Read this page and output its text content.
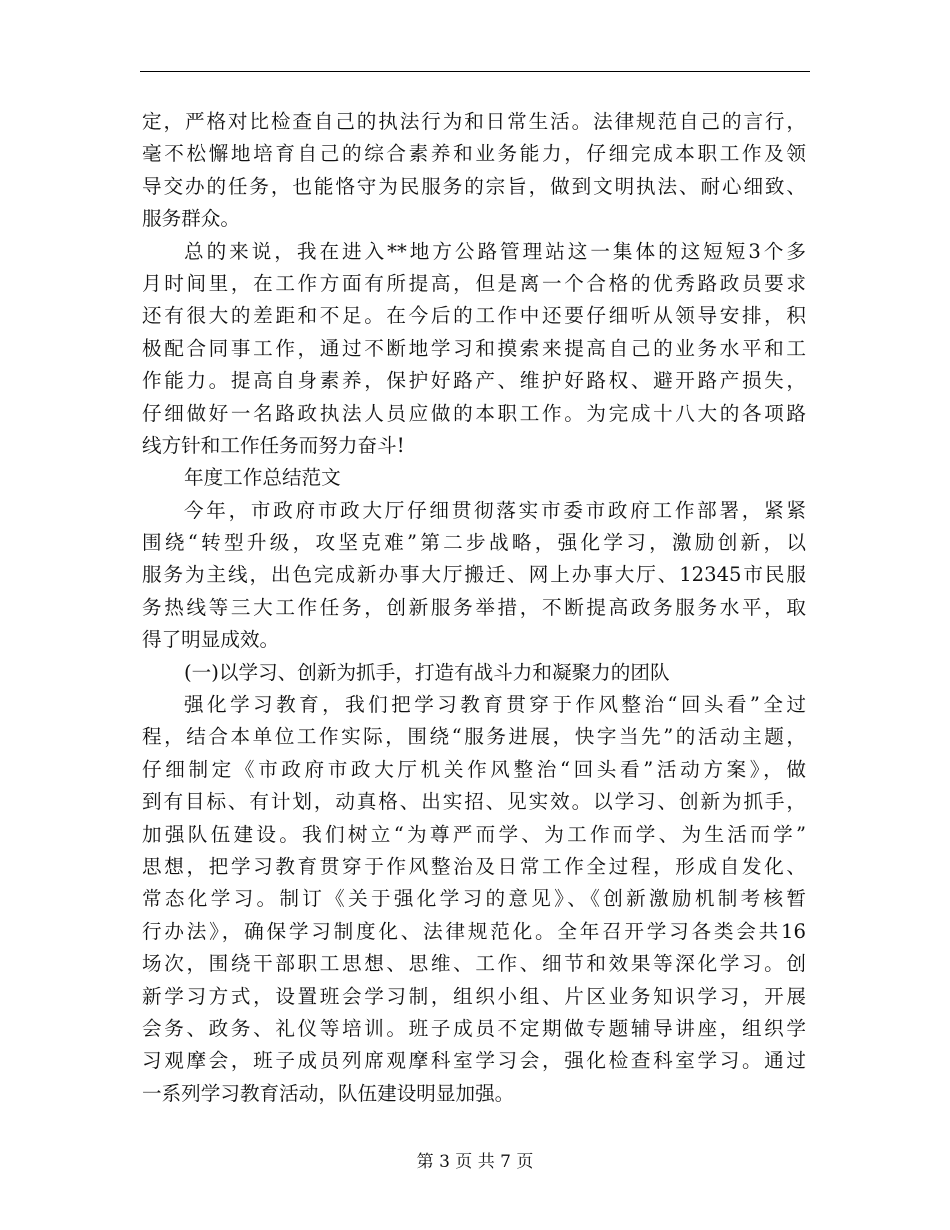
定，严格对比检查自己的执法行为和日常生活。法律规范自己的言行，
毫不松懈地培育自己的综合素养和业务能力，仔细完成本职工作及领
导交办的任务，也能恪守为民服务的宗旨，做到文明执法、耐心细致、
服务群众。
总的来说，我在进入**地方公路管理站这一集体的这短短3个多
月时间里，在工作方面有所提高，但是离一个合格的优秀路政员要求
还有很大的差距和不足。在今后的工作中还要仔细听从领导安排，积
极配合同事工作，通过不断地学习和摸索来提高自己的业务水平和工
作能力。提高自身素养，保护好路产、维护好路权、避开路产损失，
仔细做好一名路政执法人员应做的本职工作。为完成十八大的各项路
线方针和工作任务而努力奋斗!
年度工作总结范文
今年，市政府市政大厅仔细贯彻落实市委市政府工作部署，紧紧
围绕“转型升级，攻坚克难”第二步战略，强化学习，激励创新，以
服务为主线，出色完成新办事大厅搬迁、网上办事大厅、12345市民服
务热线等三大工作任务，创新服务举措，不断提高政务服务水平，取
得了明显成效。
(一)以学习、创新为抓手，打造有战斗力和凝聚力的团队
强化学习教育，我们把学习教育贯穿于作风整治“回头看”全过
程，结合本单位工作实际，围绕“服务进展，快字当先”的活动主题，
仔细制定《市政府市政大厅机关作风整治“回头看”活动方案》，做
到有目标、有计划，动真格、出实招、见实效。以学习、创新为抓手，
加强队伍建设。我们树立“为尊严而学、为工作而学、为生活而学”
思想，把学习教育贯穿于作风整治及日常工作全过程，形成自发化、
常态化学习。制订《关于强化学习的意见》、《创新激励机制考核暂
行办法》，确保学习制度化、法律规范化。全年召开学习各类会共16
场次，围绕干部职工思想、思维、工作、细节和效果等深化学习。创
新学习方式，设置班会学习制，组织小组、片区业务知识学习，开展
会务、政务、礼仪等培训。班子成员不定期做专题辅导讲座，组织学
习观摩会，班子成员列席观摩科室学习会，强化检查科室学习。通过
一系列学习教育活动，队伍建设明显加强。
第 3 页 共 7 页
